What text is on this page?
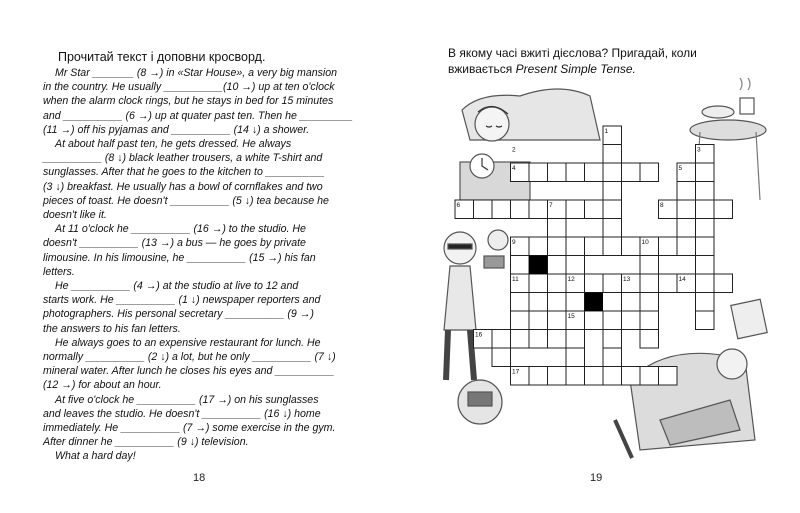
Прочитай текст і доповни кросворд.

Mr Star _______ (8 →) in «Star House», a very big mansion

in the country. He usually __________(10 →) up at ten o'clock

when the alarm clock rings, but he stays in bed for 15 minutes

and __________ (6 →) up at quater past ten. Then he _________

(11 →) off his pyjamas and __________ (14 ↓) a shower.

At about half past ten, he gets dressed. He always

__________ (8 ↓) black leather trousers, a white T-shirt and

sunglasses. After that he goes to the kitchen to __________

(3 ↓) breakfast. He usually has a bowl of cornflakes and two

pieces of toast. He doesn't __________ (5 ↓) tea because he

doesn't like it.

At 11 o'clock he __________ (16 →) to the studio. He

doesn't __________ (13 →) a bus — he goes by private

limousine. In his limousine, he __________ (15 →) his fan

letters.

He __________ (4 →) at the studio at live to 12 and

starts work. He __________ (1 ↓) newspaper reporters and

photographers. His personal secretary __________ (9 →)

the answers to his fan letters.

He always goes to an expensive restaurant for lunch. He

normally __________ (2 ↓) a lot, but he only __________ (7 ↓)

mineral water. After lunch he closes his eyes and __________

(12 →) for about an hour.

At five o'clock he __________ (17 →) on his sunglasses

and leaves the studio. He doesn't __________ (16 ↓) home

immediately. He __________ (7 →) some exercise in the gym.

After dinner he __________ (9 ↓) television.

What a hard day!

18
В якому часі вжиті дієслова? Пригадай, коли
вживається Present Simple Tense.
1
2	3
4	5
6	7	8
9	10
11	12	13	14
15
16
17
19
